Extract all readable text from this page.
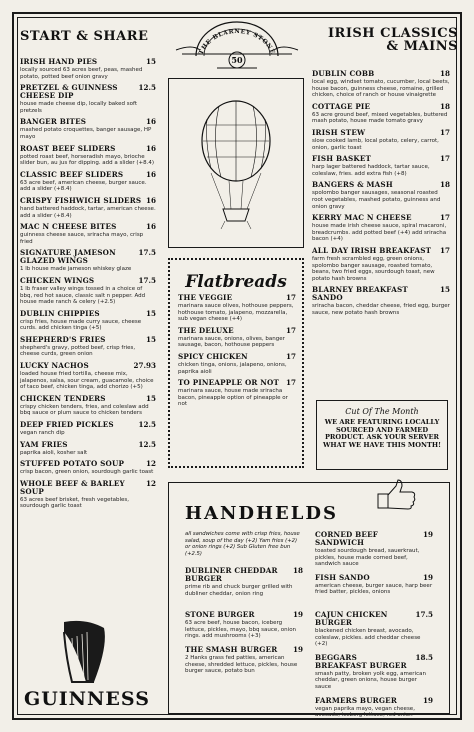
START & SHARE	IRISH CLASSICS
& MAINS
THE BLARNEY STONE
50
IRISH HAND PIES	15
locally sourced 63 acres beef, peas, mashed potato, potted beef onion gravy
PRETZEL & GUINNESS CHEESE DIP
12.5
house made cheese dip, locally baked soft pretzels
BANGER BITES	16
mashed potato croquettes, banger sausage, HP mayo
ROAST BEEF SLIDERS	16
potted roast beef, horseradish mayo, brioche slider bun, au jus for dipping. add a slider (+8.4)
CLASSIC BEEF SLIDERS	16
63 acre beef, american cheese, burger sauce. add a slider (+8.4)
CRISPY FISHWICH SLIDERS 16
hand battered haddock, tartar, american cheese. add a slider (+8.4)
MAC N CHEESE BITES	16
guinness cheese sauce, sriracha mayo, crisp fried
SIGNATURE JAMESON GLAZED WINGS
17.5
1 lb house made jameson whiskey glaze
CHICKEN WINGS	17.5
1 lb fraser valley wings tossed in a choice of bbq, red hot sauce, classic salt n pepper. Add house made ranch & celery (+2.5)
DUBLIN CHIPPIES	15
crisp fries, house made curry sauce, cheese curds. add chicken tinga (+5)
SHEPHERD'S FRIES	15
shepherd's gravy, potted beef, crisp fries, cheese curds, green onion
LUCKY NACHOS	27.93
loaded house fried tortilla, cheese mix, jalapenos, salsa, sour cream, guacamole, choice of taco beef, chicken tinga, add chorizo (+5)
CHICKEN TENDERS	15
crispy chicken tenders, fries, and coleslaw add bbq sauce or plum sauce to chicken tenders
DEEP FRIED PICKLES	12.5
vegan ranch dip
YAM FRIES	12.5
paprika aioli, kosher salt
STUFFED POTATO SOUP	12
crisp bacon, green onion, sourdough garlic toast
WHOLE BEEF & BARLEY SOUP
12
63 acres beef brisket, fresh vegetables, sourdough garlic toast
Flatbreads
THE VEGGIE	17
marinara sauce olives, hothouse peppers, hothouse tomato, jalapeno, mozzarella, sub vegan cheese (+4)
THE DELUXE	17
marinara sauce, onions, olives, banger sausage, bacon, hothouse peppers
SPICY CHICKEN	17
chicken tinga, onions, jalapeno, onions, paprika aioli
TO PINEAPPLE OR NOT 17
marinara sauce, house made sriracha bacon, pineapple option of pineapple or not
DUBLIN COBB	18
local egg, windset tomato, cucumber, local beets, house bacon, guinness cheese, romaine, grilled chicken, choice of ranch or house vinaigrette
COTTAGE PIE	18
63 acre ground beef, mixed vegetables, buttered mash potato, house made tomato gravy
IRISH STEW	17
slow cooked lamb, local potato, celery, carrot, onion, garlic toast
FISH BASKET	17
harp lager battered haddock, tartar sauce, coleslaw, fries. add extra fish (+8)
BANGERS & MASH	18
spolombo banger sausages, seasonal roasted root vegetables, mashed potato, guinness and onion gravy
KERRY MAC N CHEESE	17
house made irish cheese sauce, spiral macaroni, breadcrumbs. add potted beef (+4) add sriracha bacon (+4)
ALL DAY IRISH BREAKFAST 17
farm fresh scrambled egg, green onions, spolombo banger sausage, roasted tomato, beans, two fried eggs, sourdough toast, new potato hash browns
BLARNEY BREAKFAST SANDO
15
sriracha bacon, cheddar cheese, fried egg, burger sauce, new potato hash browns
Cut Of The Month
WE ARE FEATURING LOCALLY SOURCED AND FARMED PRODUCT. ASK YOUR SERVER WHAT WE HAVE THIS MONTH!
HANDHELDS
all sandwiches come with crisp fries, house salad, soup of the day (+2) Yam fries (+2) or onion rings (+2) Sub Gluten free bun (+2.5)
DUBLINER CHEDDAR BURGER
18
prime rib and chuck burger grilled with dubliner cheddar, onion ring
STONE BURGER	19
63 acre beef, house bacon, iceberg lettuce, pickles, mayo, bbq sauce, onion rings. add mushrooms (+3)
THE SMASH BURGER 19
2 Hanks grass fed patties, american cheese, shredded lettuce, pickles, house burger sauce, potato bun
CORNED BEEF SANDWICH
19
toasted sourdough bread, sauerkraut, pickles, house made corned beef, sandwich sauce
FISH SANDO	19
american cheese, burger sauce, harp beer fried batter, pickles, onions
CAJUN CHICKEN BURGER
17.5
blackened chicken breast, avocado, coleslaw, pickles. add cheddar cheese (+2)
BEGGARS BREAKFAST BURGER
18.5
smash patty, broken yolk egg, american cheddar, green onions, house burger sauce
FARMERS BURGER	19
vegan paprika mayo, vegan cheese, avocado, iceberg lettuce, red onion
GUINNESS
